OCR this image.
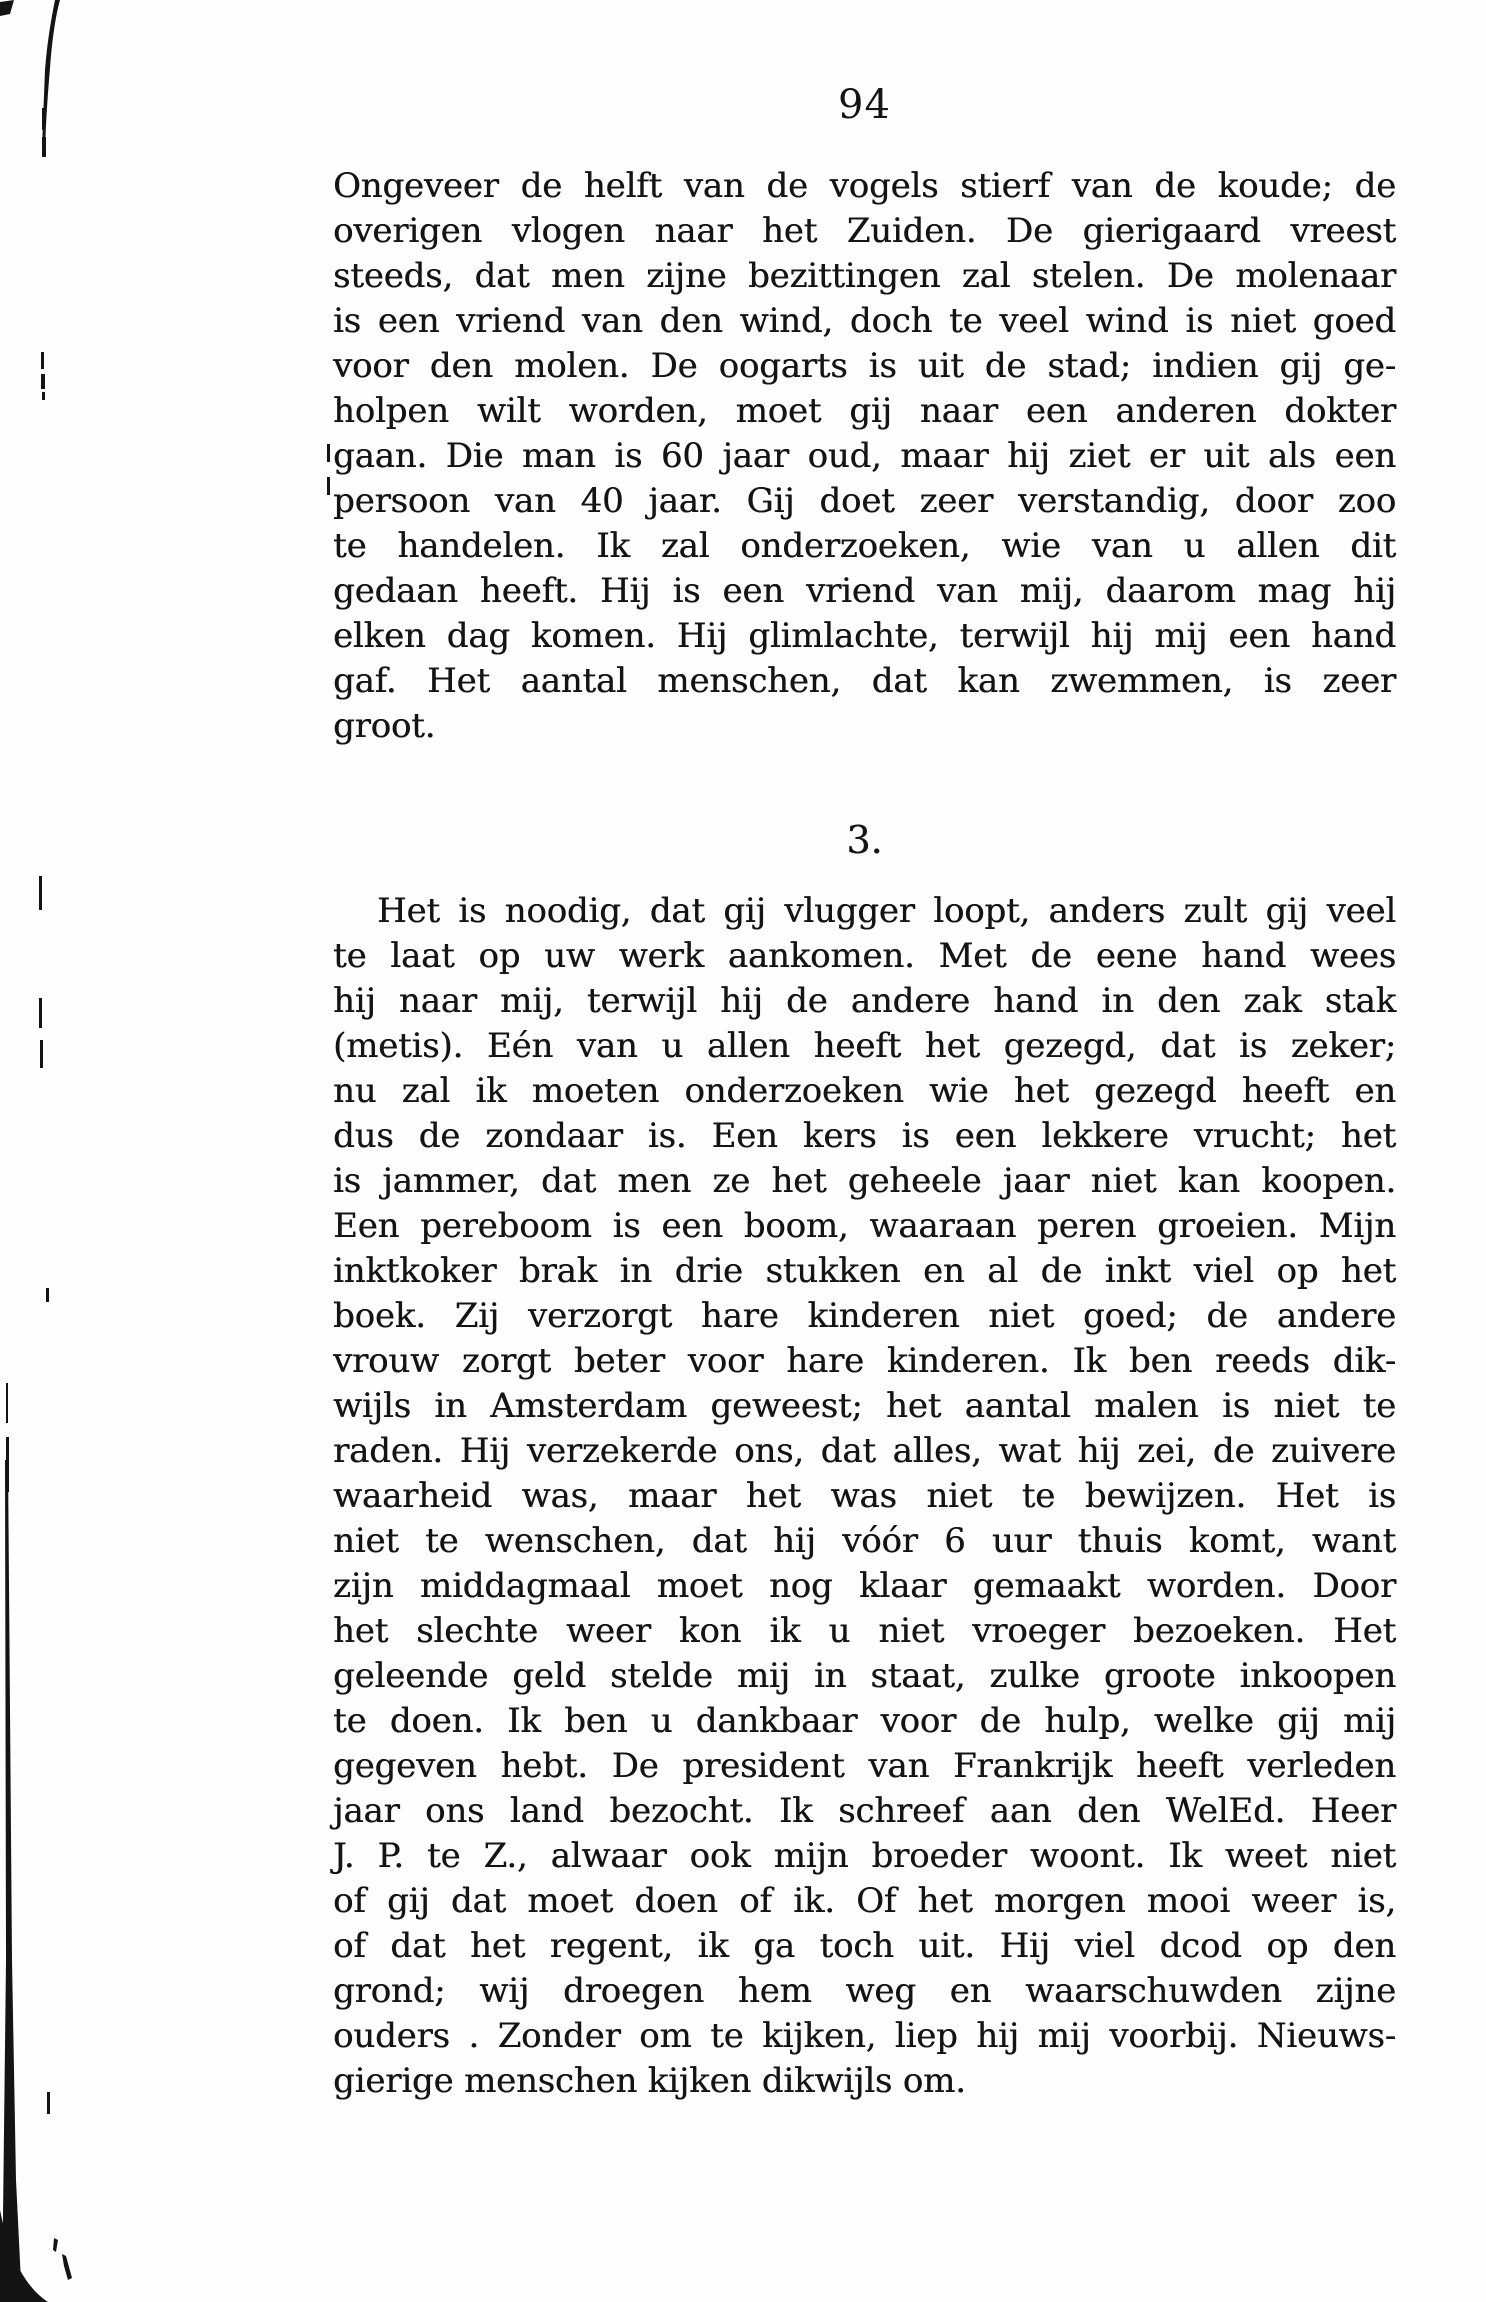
94
Ongeveer de helft van de vogels stierf van de koude; de
overigen vlogen naar het Zuiden. De gierigaard vreest
steeds, dat men zijne bezittingen zal stelen. De molenaar
is een vriend van den wind, doch te veel wind is niet goed
voor den molen. De oogarts is uit de stad; indien gij ge-
holpen wilt worden, moet gij naar een anderen dokter
gaan. Die man is 60 jaar oud, maar hij ziet er uit als een
persoon van 40 jaar. Gij doet zeer verstandig, door zoo
te handelen. Ik zal onderzoeken, wie van u allen dit
gedaan heeft. Hij is een vriend van mij, daarom mag hij
elken dag komen. Hij glimlachte, terwijl hij mij een hand
gaf. Het aantal menschen, dat kan zwemmen, is zeer
groot.
3.
Het is noodig, dat gij vlugger loopt, anders zult gij veel
te laat op uw werk aankomen. Met de eene hand wees
hij naar mij, terwijl hij de andere hand in den zak stak
(metis). Eén van u allen heeft het gezegd, dat is zeker;
nu zal ik moeten onderzoeken wie het gezegd heeft en
dus de zondaar is. Een kers is een lekkere vrucht; het
is jammer, dat men ze het geheele jaar niet kan koopen.
Een pereboom is een boom, waaraan peren groeien. Mijn
inktkoker brak in drie stukken en al de inkt viel op het
boek. Zij verzorgt hare kinderen niet goed; de andere
vrouw zorgt beter voor hare kinderen. Ik ben reeds dik-
wijls in Amsterdam geweest; het aantal malen is niet te
raden. Hij verzekerde ons, dat alles, wat hij zei, de zuivere
waarheid was, maar het was niet te bewijzen. Het is
niet te wenschen, dat hij vóór 6 uur thuis komt, want
zijn middagmaal moet nog klaar gemaakt worden. Door
het slechte weer kon ik u niet vroeger bezoeken. Het
geleende geld stelde mij in staat, zulke groote inkoopen
te doen. Ik ben u dankbaar voor de hulp, welke gij mij
gegeven hebt. De president van Frankrijk heeft verleden
jaar ons land bezocht. Ik schreef aan den WelEd. Heer
J. P. te Z., alwaar ook mijn broeder woont. Ik weet niet
of gij dat moet doen of ik. Of het morgen mooi weer is,
of dat het regent, ik ga toch uit. Hij viel dcod op den
grond; wij droegen hem weg en waarschuwden zijne
ouders . Zonder om te kijken, liep hij mij voorbij. Nieuws-
gierige menschen kijken dikwijls om.
